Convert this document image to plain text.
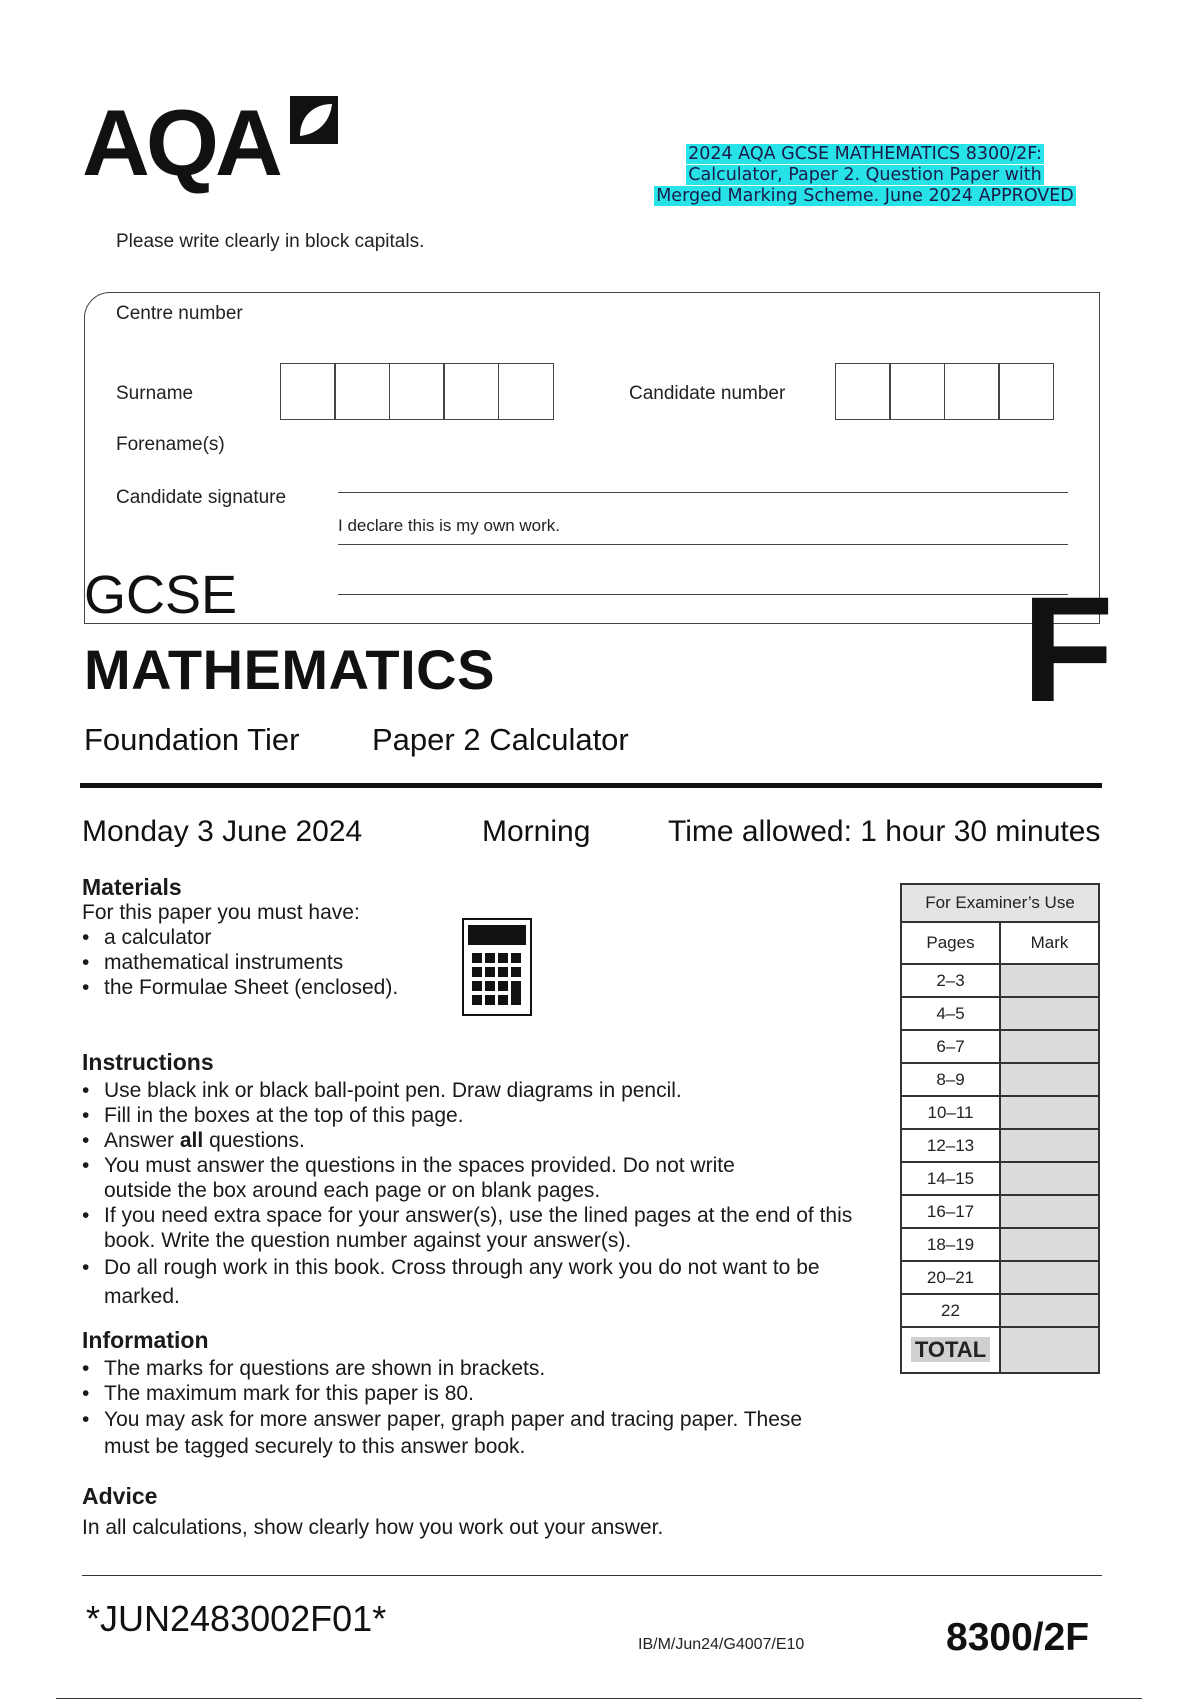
AQA	2024 AQA GCSE MATHEMATICS 8300/2F:
Calculator, Paper 2. Question Paper with
Merged Marking Scheme. June 2024 APPROVED
Please write clearly in block capitals.
Centre number
Surname	Candidate number
Forename(s)
Candidate signature
I declare this is my own work.
GCSE
MATHEMATICS	F
Foundation Tier Paper 2 Calculator
Monday 3 June 2024	Morning	Time allowed: 1 hour 30 minutes
Materials
For this paper you must have:
• a calculator
• mathematical instruments
• the Formulae Sheet (enclosed).
Instructions
• Use black ink or black ball-point pen. Draw diagrams in pencil.
• Fill in the boxes at the top of this page.
• Answer all questions.
• You must answer the questions in the spaces provided. Do not write outside the box around each page or on blank pages.
• If you need extra space for your answer(s), use the lined pages at the end of this book. Write the question number against your answer(s).
• Do all rough work in this book. Cross through any work you do not want to be marked.
Information
• The marks for questions are shown in brackets.
• The maximum mark for this paper is 80.
• You may ask for more answer paper, graph paper and tracing paper. These must be tagged securely to this answer book.
Advice
In all calculations, show clearly how you work out your answer.
For Examiner’s Use	
Pages	Mark
2–3	
4–5	
6–7	
8–9	
10–11	
12–13	
14–15	
16–17	
18–19	
20–21	
22	
TOTAL	
*JUN2483002F01*
IB/M/Jun24/G4007/E10	8300/2F
